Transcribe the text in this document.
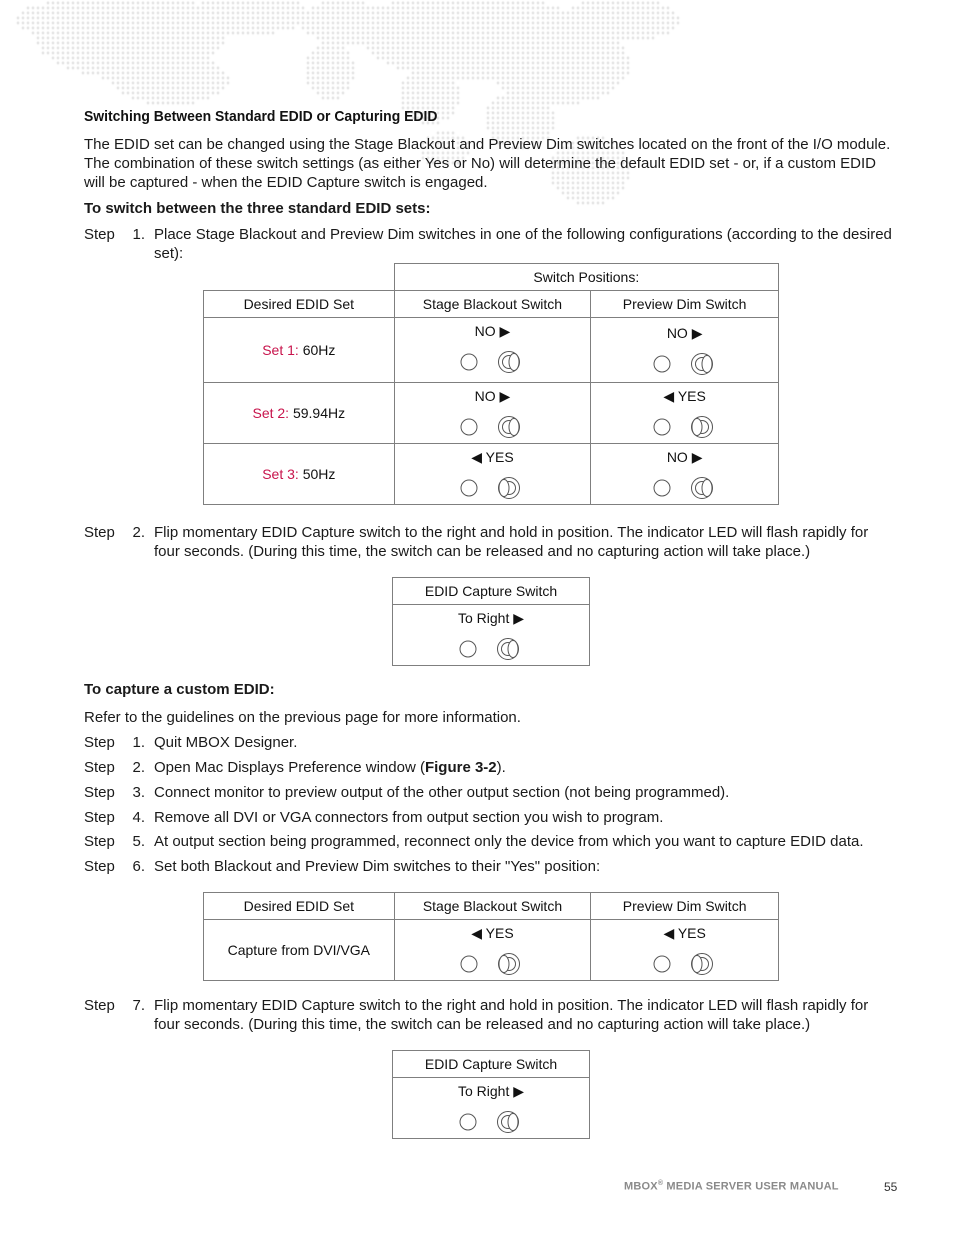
Switching Between Standard EDID or Capturing EDID
The EDID set can be changed using the Stage Blackout and Preview Dim switches located on the front of the I/O module. The combination of these switch settings (as either Yes or No) will determine the default EDID set - or, if a custom EDID will be captured - when the EDID Capture switch is engaged.
To switch between the three standard EDID sets:
Step 1. Place Stage Blackout and Preview Dim switches in one of the following configurations (according to the desired set):
	Switch Positions:	
Desired EDID Set	Stage Blackout Switch	Preview Dim Switch
Set 1: 60Hz	NO ▶	NO ▶

Set 2: 59.94Hz	NO ▶	◀ YES

Set 3: 50Hz	◀ YES	NO ▶
Step 2. Flip momentary EDID Capture switch to the right and hold in position. The indicator LED will flash rapidly for four seconds. (During this time, the switch can be released and no capturing action will take place.)
EDID Capture Switch

To Right ▶
To capture a custom EDID:
Refer to the guidelines on the previous page for more information.
Step 1. Quit MBOX Designer.
Step 2. Open Mac Displays Preference window (Figure 3-2).
Step 3. Connect monitor to preview output of the other output section (not being programmed).
Step 4. Remove all DVI or VGA connectors from output section you wish to program.
Step 5. At output section being programmed, reconnect only the device from which you want to capture EDID data.
Step 6. Set both Blackout and Preview Dim switches to their "Yes" position:
Desired EDID Set	Stage Blackout Switch	Preview Dim Switch
Capture from DVI/VGA	◀ YES	◀ YES
Step 7. Flip momentary EDID Capture switch to the right and hold in position. The indicator LED will flash rapidly for four seconds. (During this time, the switch can be released and no capturing action will take place.)
EDID Capture Switch

To Right ▶
MBOX® MEDIA SERVER USER MANUAL	55
